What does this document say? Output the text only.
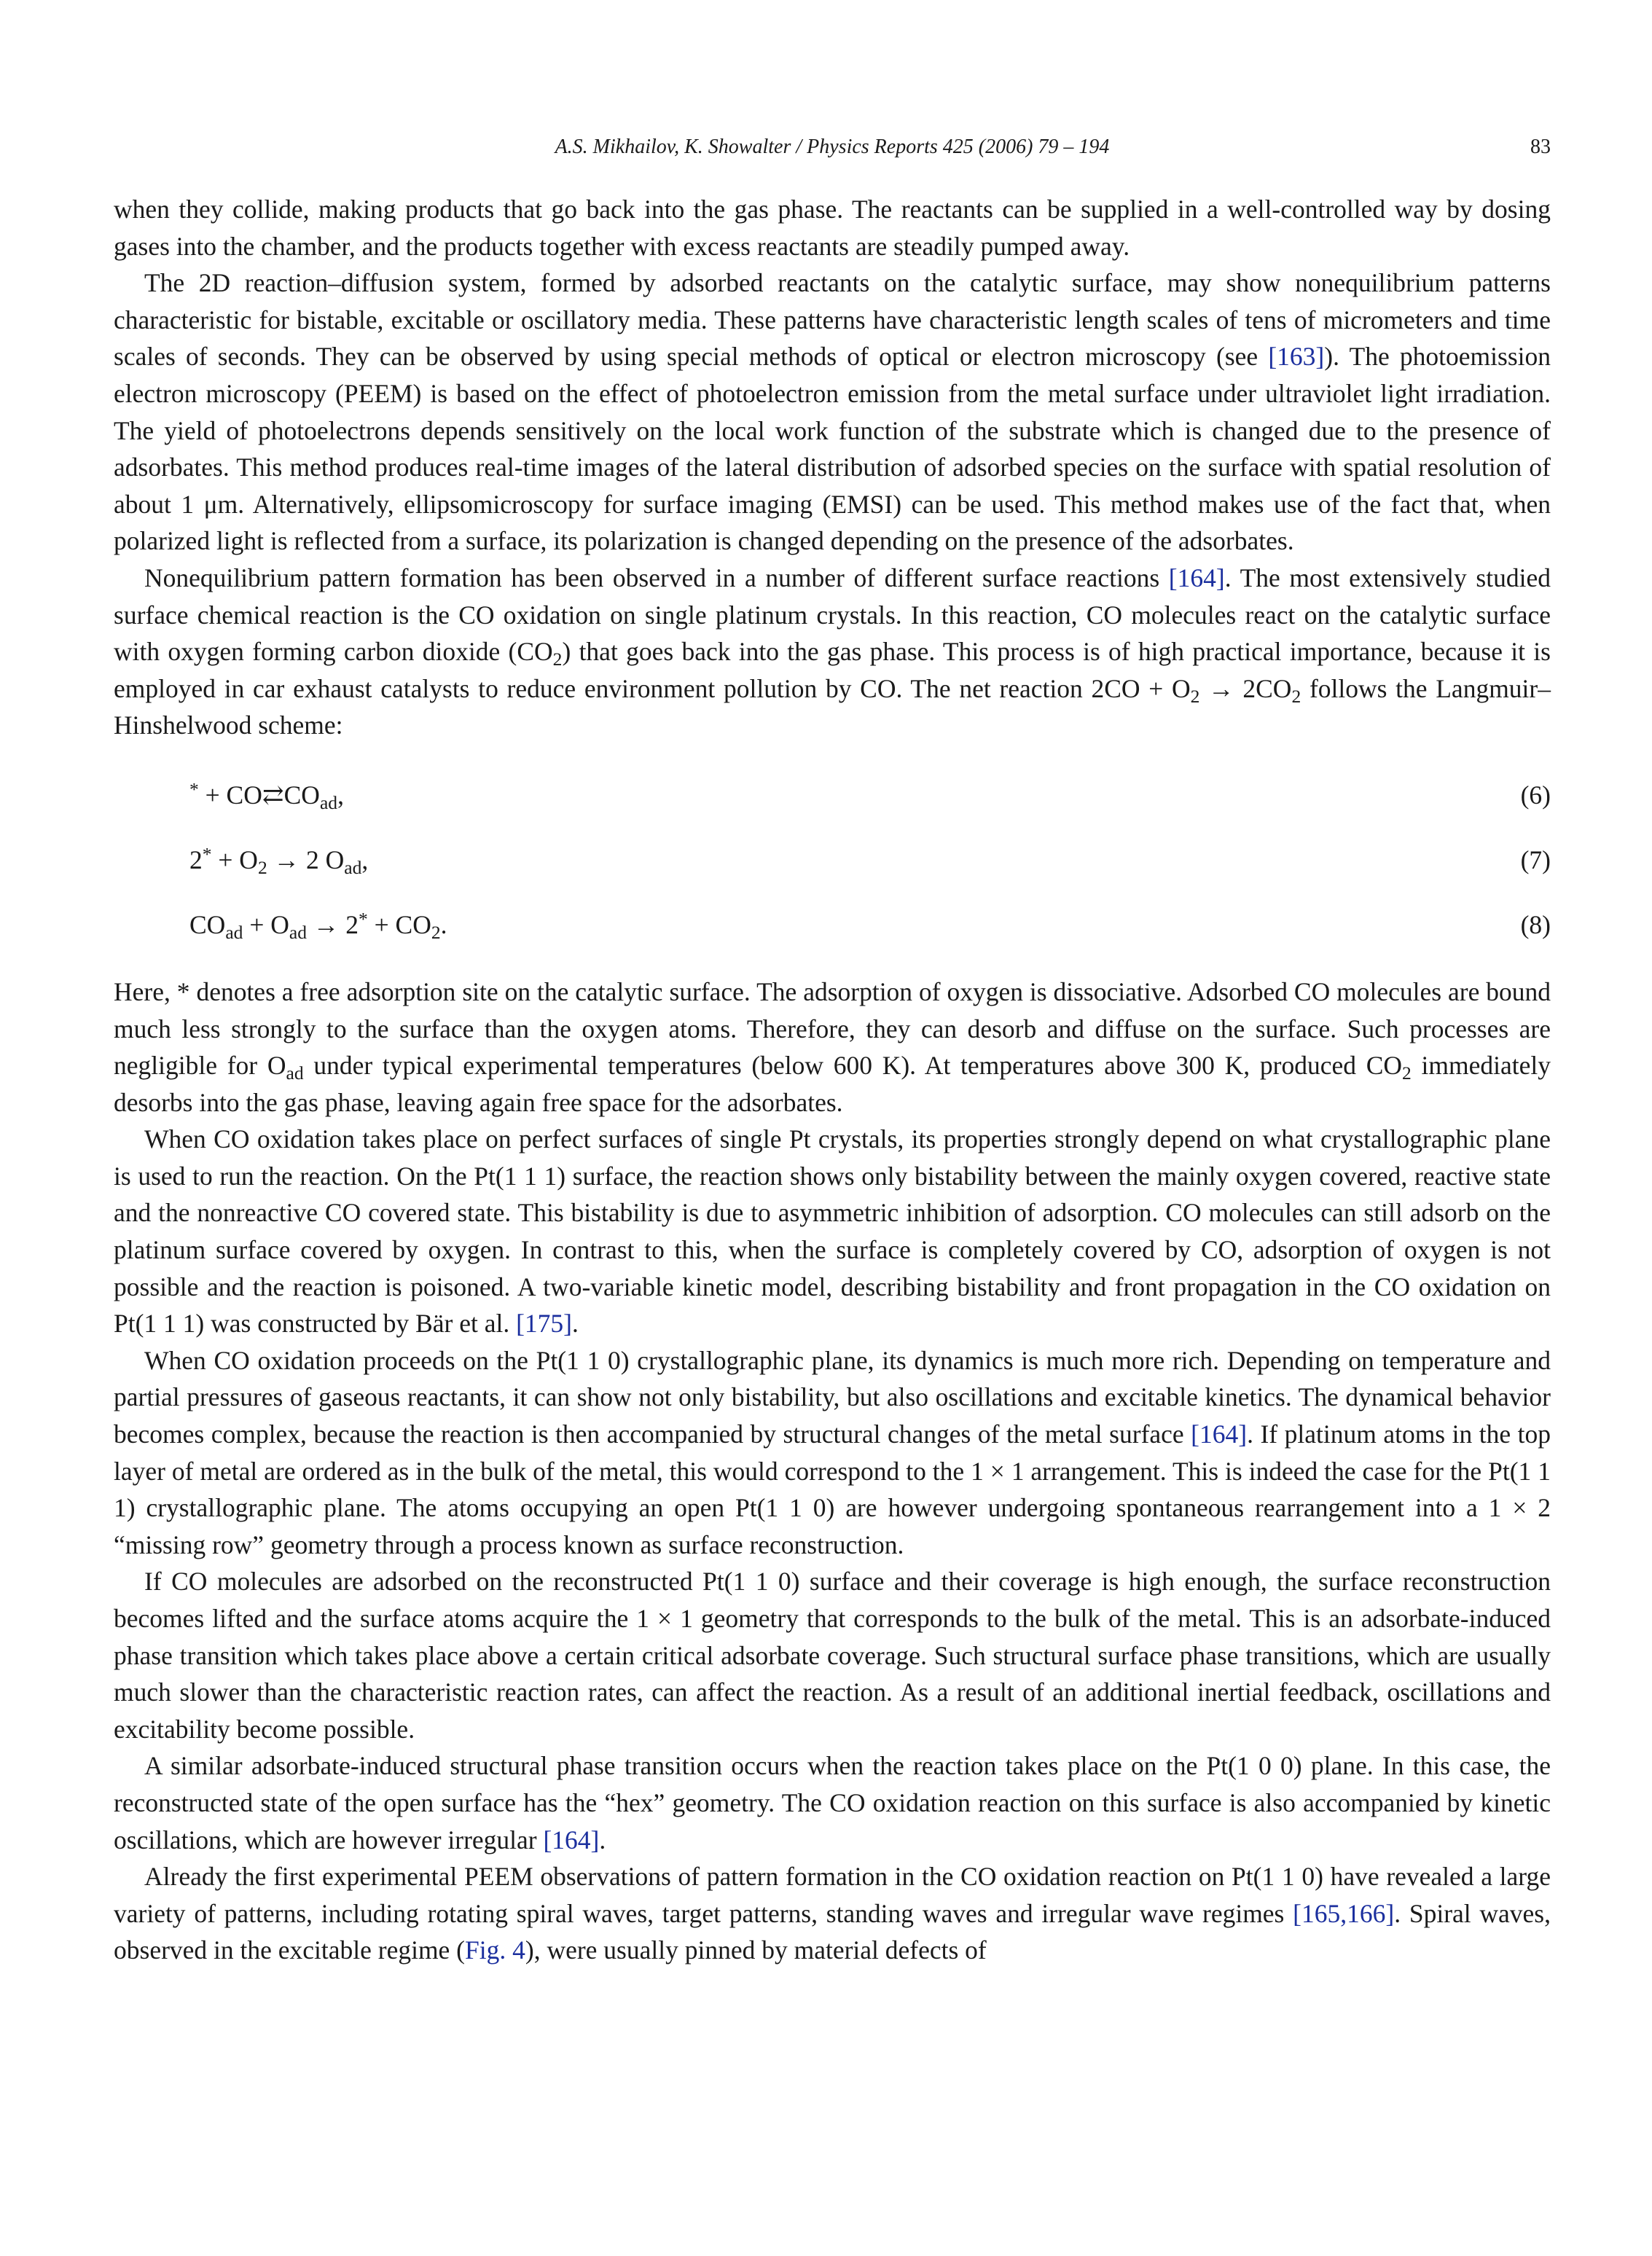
A.S. Mikhailov, K. Showalter / Physics Reports 425 (2006) 79 – 194	83

when they collide, making products that go back into the gas phase. The reactants can be supplied in a well-controlled way by dosing gases into the chamber, and the products together with excess reactants are steadily pumped away.

The 2D reaction–diffusion system, formed by adsorbed reactants on the catalytic surface, may show nonequilibrium patterns characteristic for bistable, excitable or oscillatory media. These patterns have characteristic length scales of tens of micrometers and time scales of seconds. They can be observed by using special methods of optical or electron microscopy (see [163]). The photoemission electron microscopy (PEEM) is based on the effect of photoelectron emission from the metal surface under ultraviolet light irradiation. The yield of photoelectrons depends sensitively on the local work function of the substrate which is changed due to the presence of adsorbates. This method produces real-time images of the lateral distribution of adsorbed species on the surface with spatial resolution of about 1 μm. Alternatively, ellipsomicroscopy for surface imaging (EMSI) can be used. This method makes use of the fact that, when polarized light is reflected from a surface, its polarization is changed depending on the presence of the adsorbates.

Nonequilibrium pattern formation has been observed in a number of different surface reactions [164]. The most extensively studied surface chemical reaction is the CO oxidation on single platinum crystals. In this reaction, CO molecules react on the catalytic surface with oxygen forming carbon dioxide $(CO_2)$ that goes back into the gas phase. This process is of high practical importance, because it is employed in car exhaust catalysts to reduce environment pollution by CO. The net reaction $2CO + O_2 \to 2CO_2$ follows the Langmuir–Hinshelwood scheme:

$^* + CO⇄CO_{ad}$,	(6)
$2^* + O_2 \to 2$ $O_{ad}$,	(7)
$CO_{ad} + O_{ad} \to 2^* + CO_2$.	(8)

Here, * denotes a free adsorption site on the catalytic surface. The adsorption of oxygen is dissociative. Adsorbed CO molecules are bound much less strongly to the surface than the oxygen atoms. Therefore, they can desorb and diffuse on the surface. Such processes are negligible for $O_{ad}$ under typical experimental temperatures (below 600 K). At temperatures above 300 K, produced $CO_2$ immediately desorbs into the gas phase, leaving again free space for the adsorbates.

When CO oxidation takes place on perfect surfaces of single Pt crystals, its properties strongly depend on what crystallographic plane is used to run the reaction. On the Pt(1 1 1) surface, the reaction shows only bistability between the mainly oxygen covered, reactive state and the nonreactive CO covered state. This bistability is due to asymmetric inhibition of adsorption. CO molecules can still adsorb on the platinum surface covered by oxygen. In contrast to this, when the surface is completely covered by CO, adsorption of oxygen is not possible and the reaction is poisoned. A two-variable kinetic model, describing bistability and front propagation in the CO oxidation on Pt(1 1 1) was constructed by Bär et al. [175].

When CO oxidation proceeds on the Pt(1 1 0) crystallographic plane, its dynamics is much more rich. Depending on temperature and partial pressures of gaseous reactants, it can show not only bistability, but also oscillations and excitable kinetics. The dynamical behavior becomes complex, because the reaction is then accompanied by structural changes of the metal surface [164]. If platinum atoms in the top layer of metal are ordered as in the bulk of the metal, this would correspond to the 1 × 1 arrangement. This is indeed the case for the Pt(1 1 1) crystallographic plane. The atoms occupying an open Pt(1 1 0) are however undergoing spontaneous rearrangement into a 1 × 2 “missing row” geometry through a process known as surface reconstruction.

If CO molecules are adsorbed on the reconstructed Pt(1 1 0) surface and their coverage is high enough, the surface reconstruction becomes lifted and the surface atoms acquire the 1 × 1 geometry that corresponds to the bulk of the metal. This is an adsorbate-induced phase transition which takes place above a certain critical adsorbate coverage. Such structural surface phase transitions, which are usually much slower than the characteristic reaction rates, can affect the reaction. As a result of an additional inertial feedback, oscillations and excitability become possible.

A similar adsorbate-induced structural phase transition occurs when the reaction takes place on the Pt(1 0 0) plane. In this case, the reconstructed state of the open surface has the “hex” geometry. The CO oxidation reaction on this surface is also accompanied by kinetic oscillations, which are however irregular [164].

Already the first experimental PEEM observations of pattern formation in the CO oxidation reaction on Pt(1 1 0) have revealed a large variety of patterns, including rotating spiral waves, target patterns, standing waves and irregular wave regimes [165,166]. Spiral waves, observed in the excitable regime (Fig. 4), were usually pinned by material defects of
